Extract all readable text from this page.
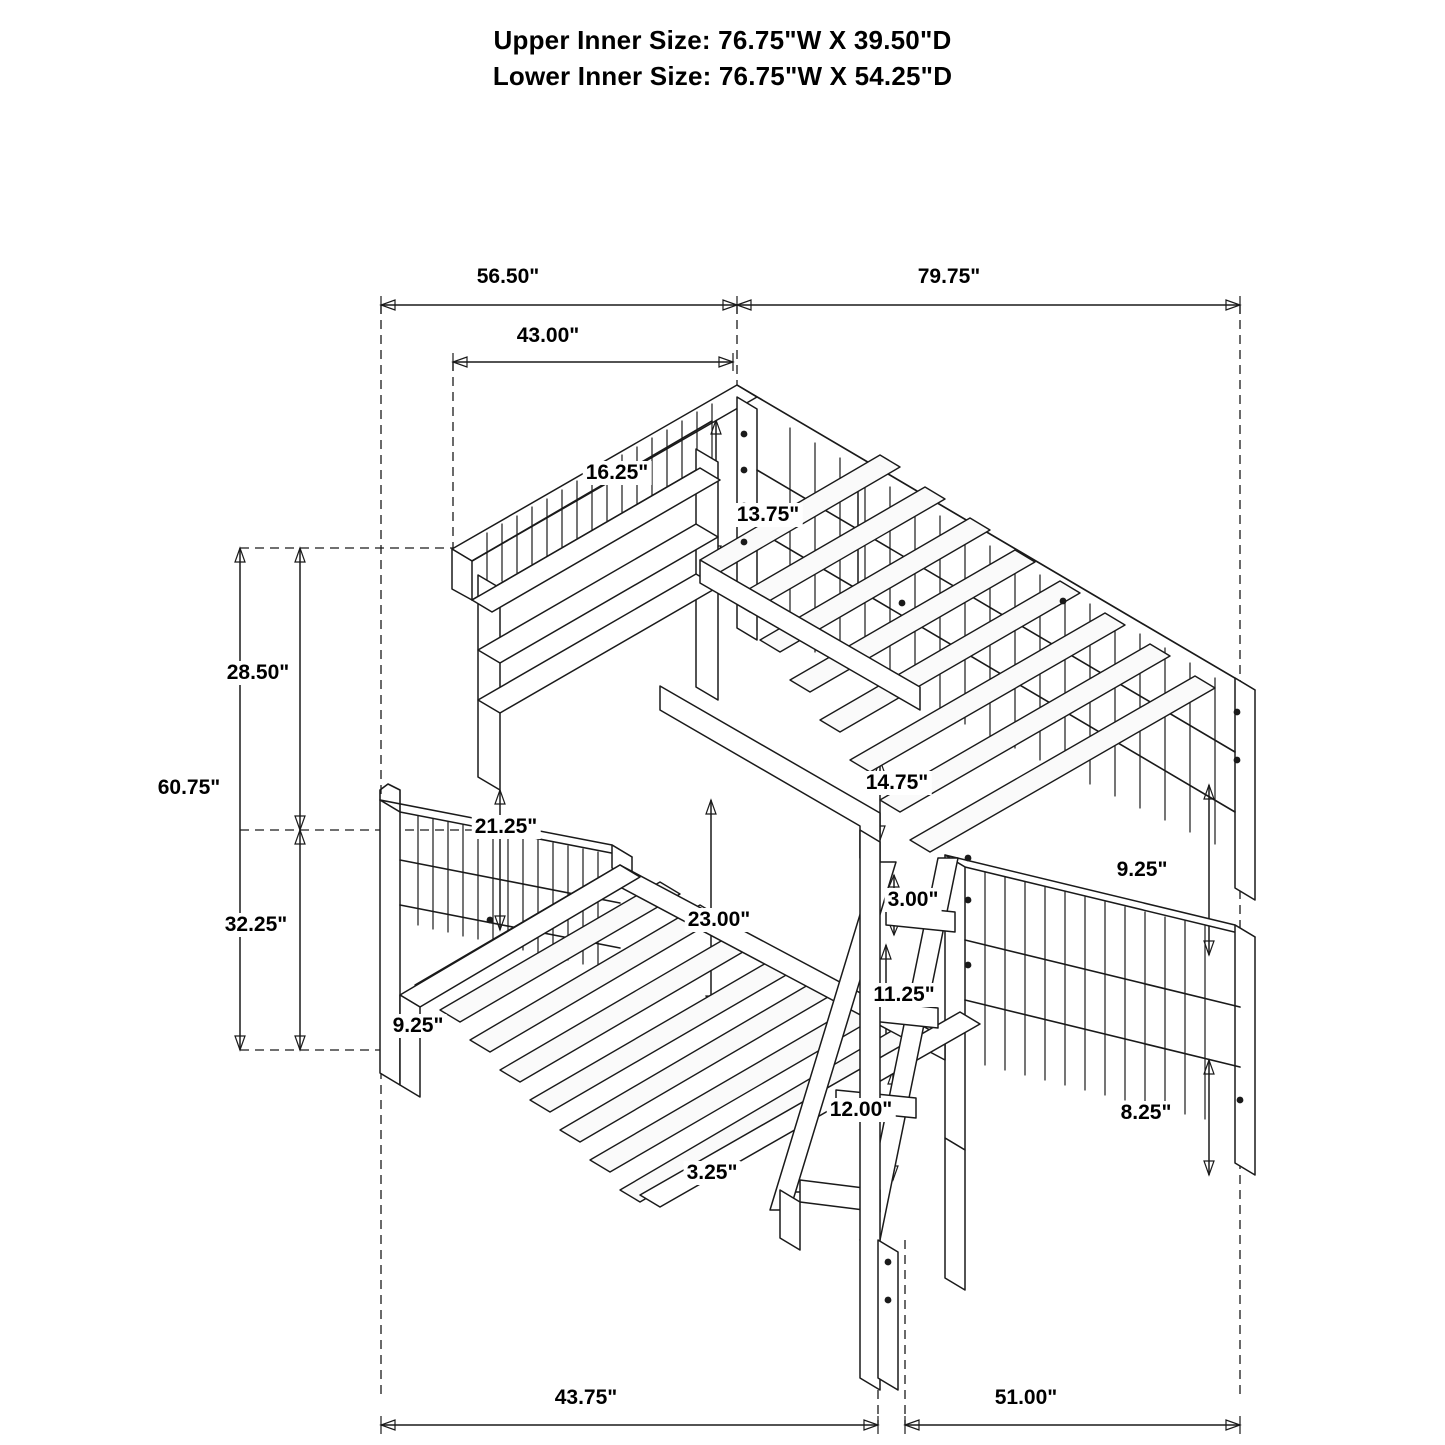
Upper Inner Size: 76.75"W X 39.50"D
Lower Inner Size: 76.75"W X 54.25"D
56.50"	79.75"
43.00"
16.25"
13.75"
28.50"
60.75"
21.25"
14.75"
32.25"
9.25"
3.00"
23.00"
11.25"
9.25"
12.00"	8.25"
3.25"
43.75"	51.00"
